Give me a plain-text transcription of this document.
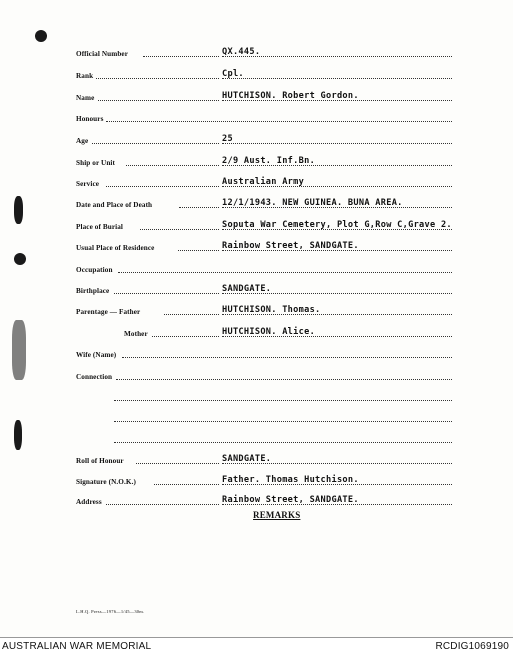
Official Number	QX.445.
Rank	Cpl.
Name	HUTCHISON. Robert Gordon.
Honours
Age	25
Ship or Unit	2/9 Aust. Inf.Bn.
Service	Australian Army
Date and Place of Death	12/1/1943. NEW GUINEA. BUNA AREA.
Place of Burial	Soputa War Cemetery, Plot G,Row C,Grave 2.
Usual Place of Residence	Rainbow Street, SANDGATE.
Occupation
Birthplace	SANDGATE.
Parentage — Father	HUTCHISON. Thomas.
Mother	HUTCHISON. Alice.
Wife (Name)
Connection
Roll of Honour	SANDGATE.
Signature (N.O.K.)	Father. Thomas Hutchison.
Address	Rainbow Street, SANDGATE.
REMARKS
L.H.Q. Press—1976—1/45—30m.
AUSTRALIAN WAR MEMORIAL	RCDIG1069190
